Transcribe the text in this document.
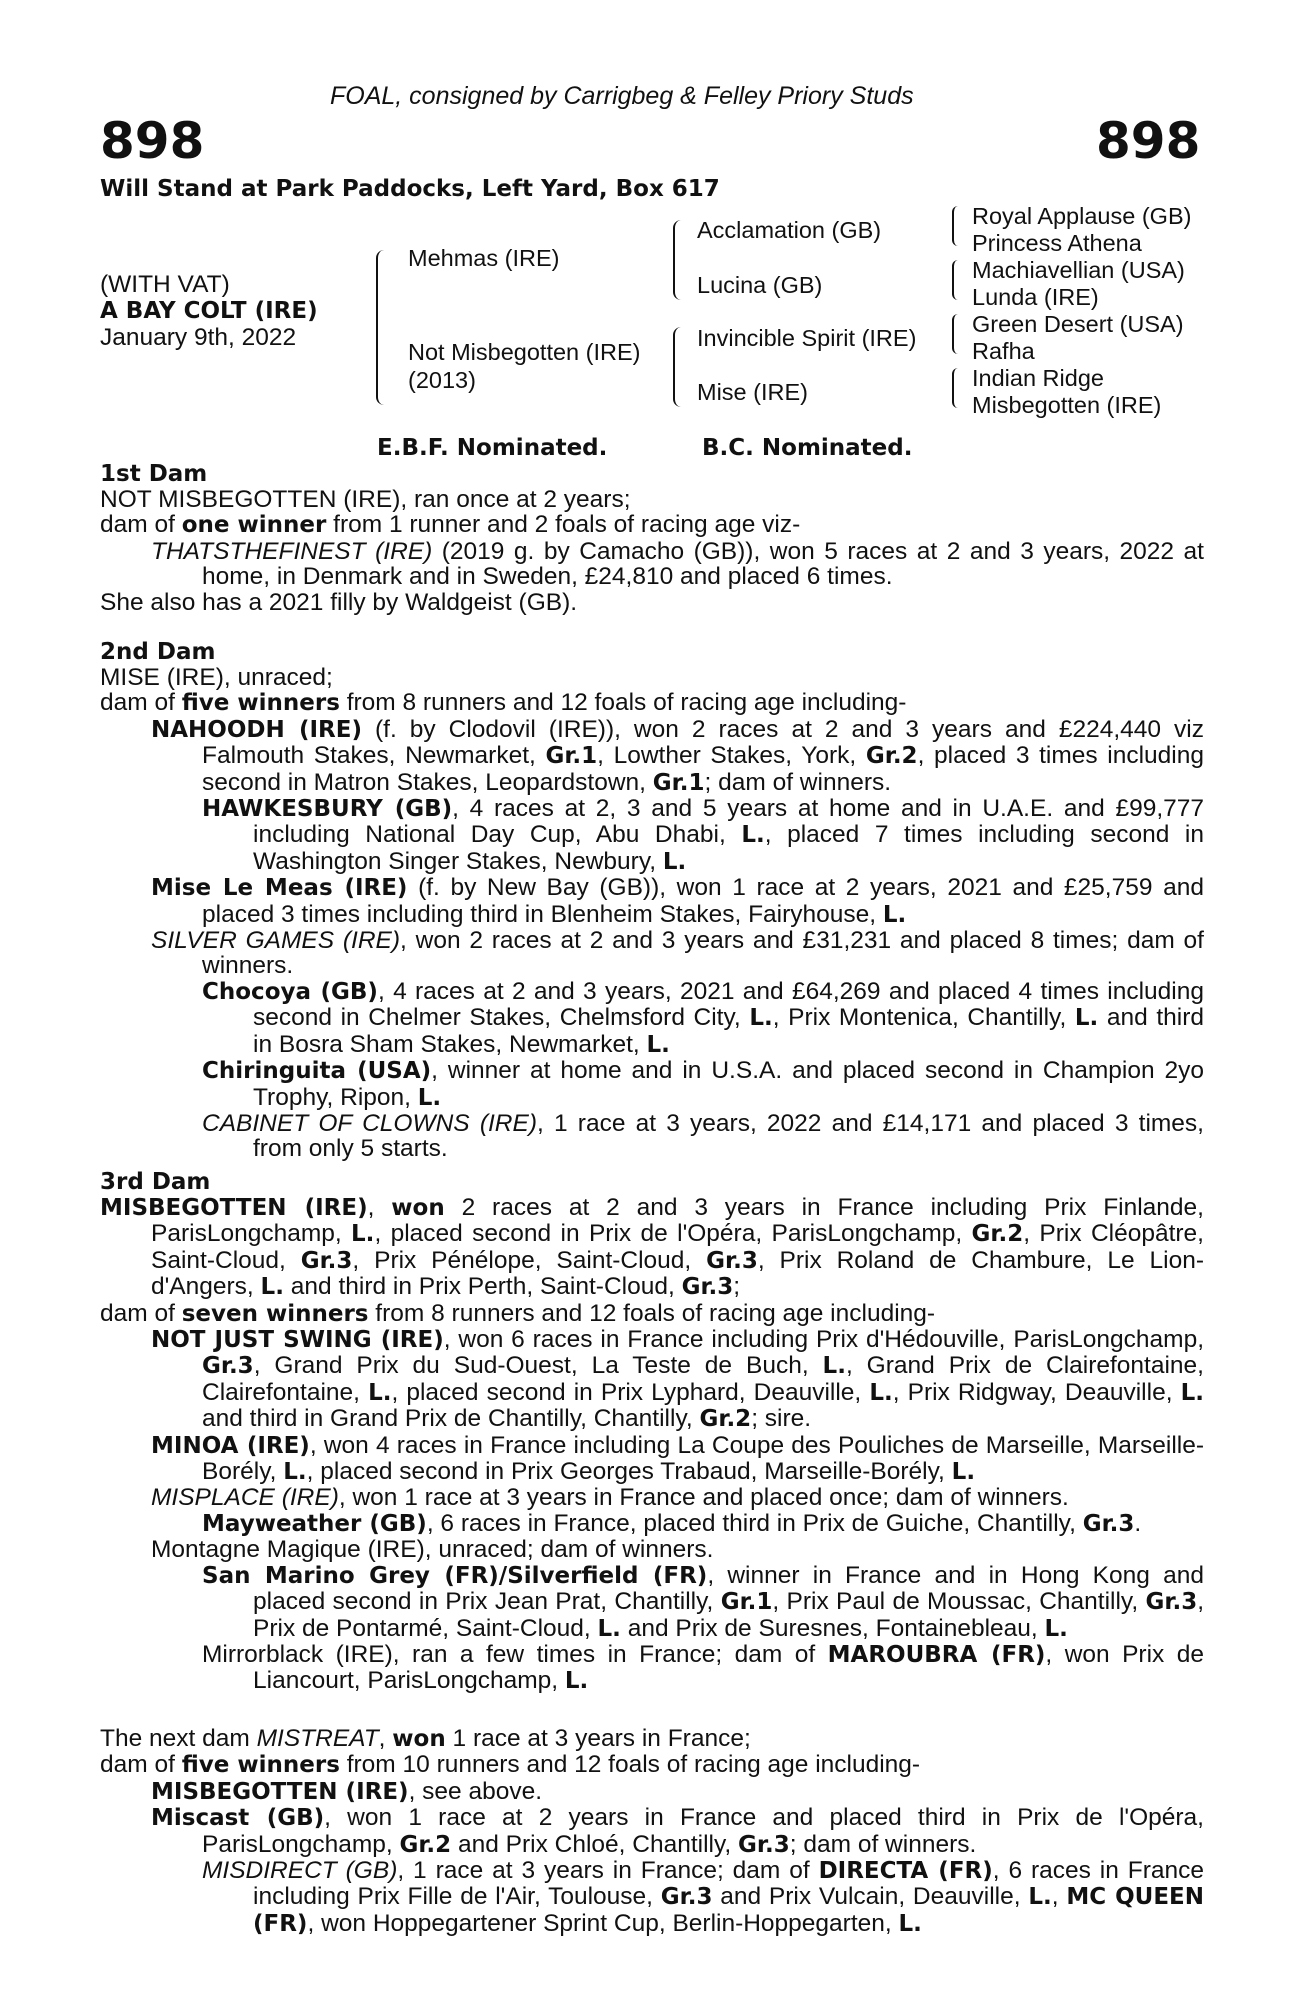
FOAL, consigned by Carrigbeg & Felley Priory Studs
898	898
Will Stand at Park Paddocks, Left Yard, Box 617
(WITH VAT)
A BAY COLT (IRE)
January 9th, 2022
Mehmas (IRE)
Not Misbegotten (IRE)
(2013)
Acclamation (GB)
Lucina (GB)
Invincible Spirit (IRE)
Mise (IRE)
Royal Applause (GB)
Princess Athena
Machiavellian (USA)
Lunda (IRE)
Green Desert (USA)
Rafha
Indian Ridge
Misbegotten (IRE)
E.B.F. Nominated.	B.C. Nominated.
1st Dam

NOT MISBEGOTTEN (IRE), ran once at 2 years;

dam of one winner from 1 runner and 2 foals of racing age viz-

THATSTHEFINEST (IRE) (2019 g. by Camacho (GB)), won 5 races at 2 and 3 years, 2022 at home, in Denmark and in Sweden, £24,810 and placed 6 times.

She also has a 2021 filly by Waldgeist (GB).

2nd Dam

MISE (IRE), unraced;

dam of five winners from 8 runners and 12 foals of racing age including-

NAHOODH (IRE) (f. by Clodovil (IRE)), won 2 races at 2 and 3 years and £224,440 viz Falmouth Stakes, Newmarket, Gr.1, Lowther Stakes, York, Gr.2, placed 3 times including second in Matron Stakes, Leopardstown, Gr.1; dam of winners.

HAWKESBURY (GB), 4 races at 2, 3 and 5 years at home and in U.A.E. and £99,777 including National Day Cup, Abu Dhabi, L., placed 7 times including second in Washington Singer Stakes, Newbury, L.

Mise Le Meas (IRE) (f. by New Bay (GB)), won 1 race at 2 years, 2021 and £25,759 and placed 3 times including third in Blenheim Stakes, Fairyhouse, L.

SILVER GAMES (IRE), won 2 races at 2 and 3 years and £31,231 and placed 8 times; dam of winners.

Chocoya (GB), 4 races at 2 and 3 years, 2021 and £64,269 and placed 4 times including second in Chelmer Stakes, Chelmsford City, L., Prix Montenica, Chantilly, L. and third in Bosra Sham Stakes, Newmarket, L.

Chiringuita (USA), winner at home and in U.S.A. and placed second in Champion 2yo Trophy, Ripon, L.

CABINET OF CLOWNS (IRE), 1 race at 3 years, 2022 and £14,171 and placed 3 times, from only 5 starts.

3rd Dam

MISBEGOTTEN (IRE), won 2 races at 2 and 3 years in France including Prix Finlande, ParisLongchamp, L., placed second in Prix de l'Opéra, ParisLongchamp, Gr.2, Prix Cléopâtre, Saint-Cloud, Gr.3, Prix Pénélope, Saint-Cloud, Gr.3, Prix Roland de Chambure, Le Lion-d'Angers, L. and third in Prix Perth, Saint-Cloud, Gr.3;

dam of seven winners from 8 runners and 12 foals of racing age including-

NOT JUST SWING (IRE), won 6 races in France including Prix d'Hédouville, ParisLongchamp, Gr.3, Grand Prix du Sud-Ouest, La Teste de Buch, L., Grand Prix de Clairefontaine, Clairefontaine, L., placed second in Prix Lyphard, Deauville, L., Prix Ridgway, Deauville, L. and third in Grand Prix de Chantilly, Chantilly, Gr.2; sire.

MINOA (IRE), won 4 races in France including La Coupe des Pouliches de Marseille, Marseille-Borély, L., placed second in Prix Georges Trabaud, Marseille-Borély, L.

MISPLACE (IRE), won 1 race at 3 years in France and placed once; dam of winners.

Mayweather (GB), 6 races in France, placed third in Prix de Guiche, Chantilly, Gr.3.

Montagne Magique (IRE), unraced; dam of winners.

San Marino Grey (FR)/Silverfield (FR), winner in France and in Hong Kong and placed second in Prix Jean Prat, Chantilly, Gr.1, Prix Paul de Moussac, Chantilly, Gr.3, Prix de Pontarmé, Saint-Cloud, L. and Prix de Suresnes, Fontainebleau, L.

Mirrorblack (IRE), ran a few times in France; dam of MAROUBRA (FR), won Prix de Liancourt, ParisLongchamp, L.

The next dam MISTREAT, won 1 race at 3 years in France;

dam of five winners from 10 runners and 12 foals of racing age including-

MISBEGOTTEN (IRE), see above.

Miscast (GB), won 1 race at 2 years in France and placed third in Prix de l'Opéra, ParisLongchamp, Gr.2 and Prix Chloé, Chantilly, Gr.3; dam of winners.

MISDIRECT (GB), 1 race at 3 years in France; dam of DIRECTA (FR), 6 races in France including Prix Fille de l'Air, Toulouse, Gr.3 and Prix Vulcain, Deauville, L., MC QUEEN (FR), won Hoppegartener Sprint Cup, Berlin-Hoppegarten, L.
